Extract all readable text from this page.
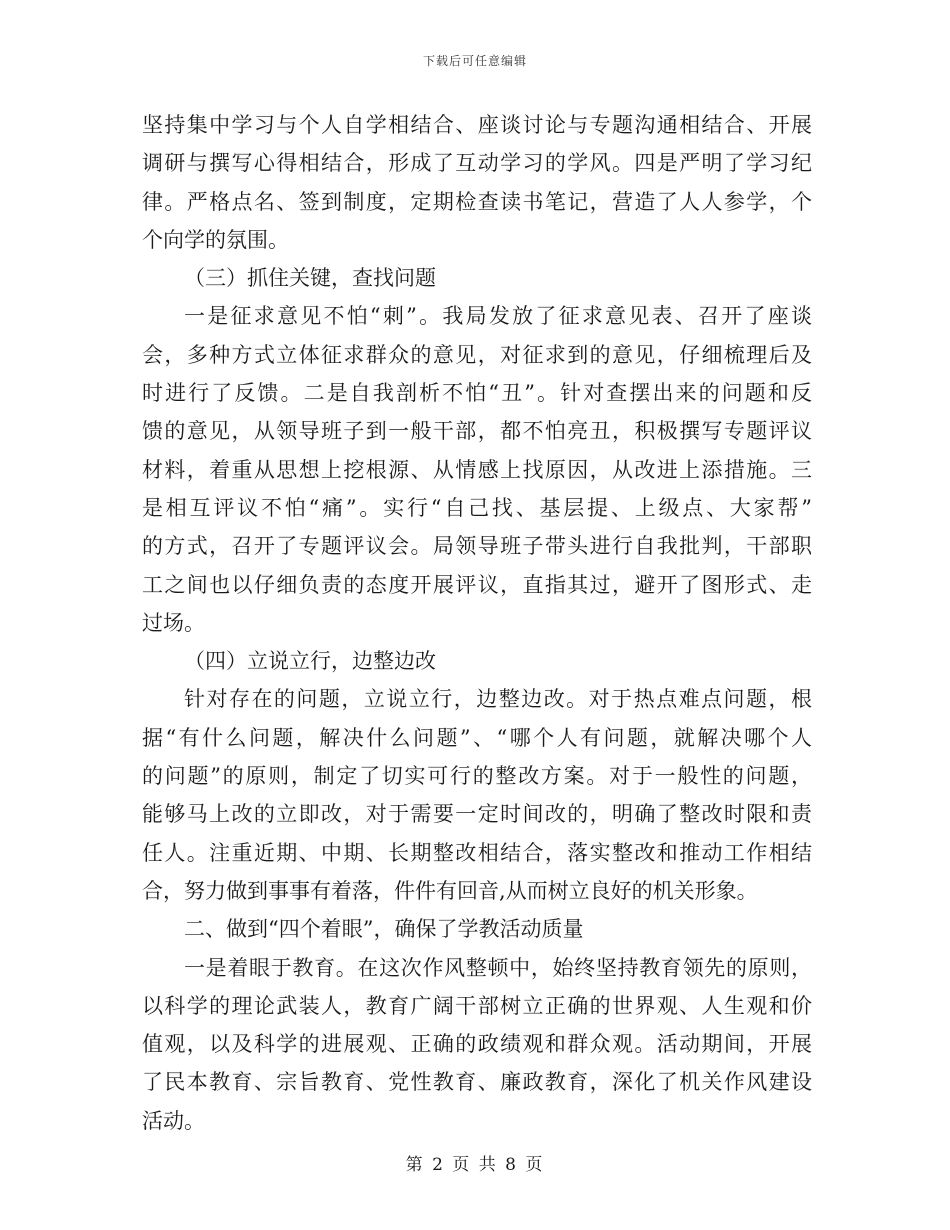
下载后可任意编辑
坚持集中学习与个人自学相结合、座谈讨论与专题沟通相结合、开展
调研与撰写心得相结合，形成了互动学习的学风。四是严明了学习纪
律。严格点名、签到制度，定期检查读书笔记，营造了人人参学，个
个向学的氛围。
（三）抓住关键，查找问题
一是征求意见不怕“刺”。我局发放了征求意见表、召开了座谈
会，多种方式立体征求群众的意见，对征求到的意见，仔细梳理后及
时进行了反馈。二是自我剖析不怕“丑”。针对查摆出来的问题和反
馈的意见，从领导班子到一般干部，都不怕亮丑，积极撰写专题评议
材料，着重从思想上挖根源、从情感上找原因，从改进上添措施。三
是相互评议不怕“痛”。实行“自己找、基层提、上级点、大家帮”
的方式，召开了专题评议会。局领导班子带头进行自我批判，干部职
工之间也以仔细负责的态度开展评议，直指其过，避开了图形式、走
过场。
（四）立说立行，边整边改
针对存在的问题，立说立行，边整边改。对于热点难点问题，根
据“有什么问题，解决什么问题”、“哪个人有问题，就解决哪个人
的问题”的原则，制定了切实可行的整改方案。对于一般性的问题，
能够马上改的立即改，对于需要一定时间改的，明确了整改时限和责
任人。注重近期、中期、长期整改相结合，落实整改和推动工作相结
合，努力做到事事有着落，件件有回音,从而树立良好的机关形象。
二、做到“四个着眼”，确保了学教活动质量
一是着眼于教育。在这次作风整顿中，始终坚持教育领先的原则，
以科学的理论武装人，教育广阔干部树立正确的世界观、人生观和价
值观，以及科学的进展观、正确的政绩观和群众观。活动期间，开展
了民本教育、宗旨教育、党性教育、廉政教育，深化了机关作风建设
活动。
第 2 页 共 8 页
